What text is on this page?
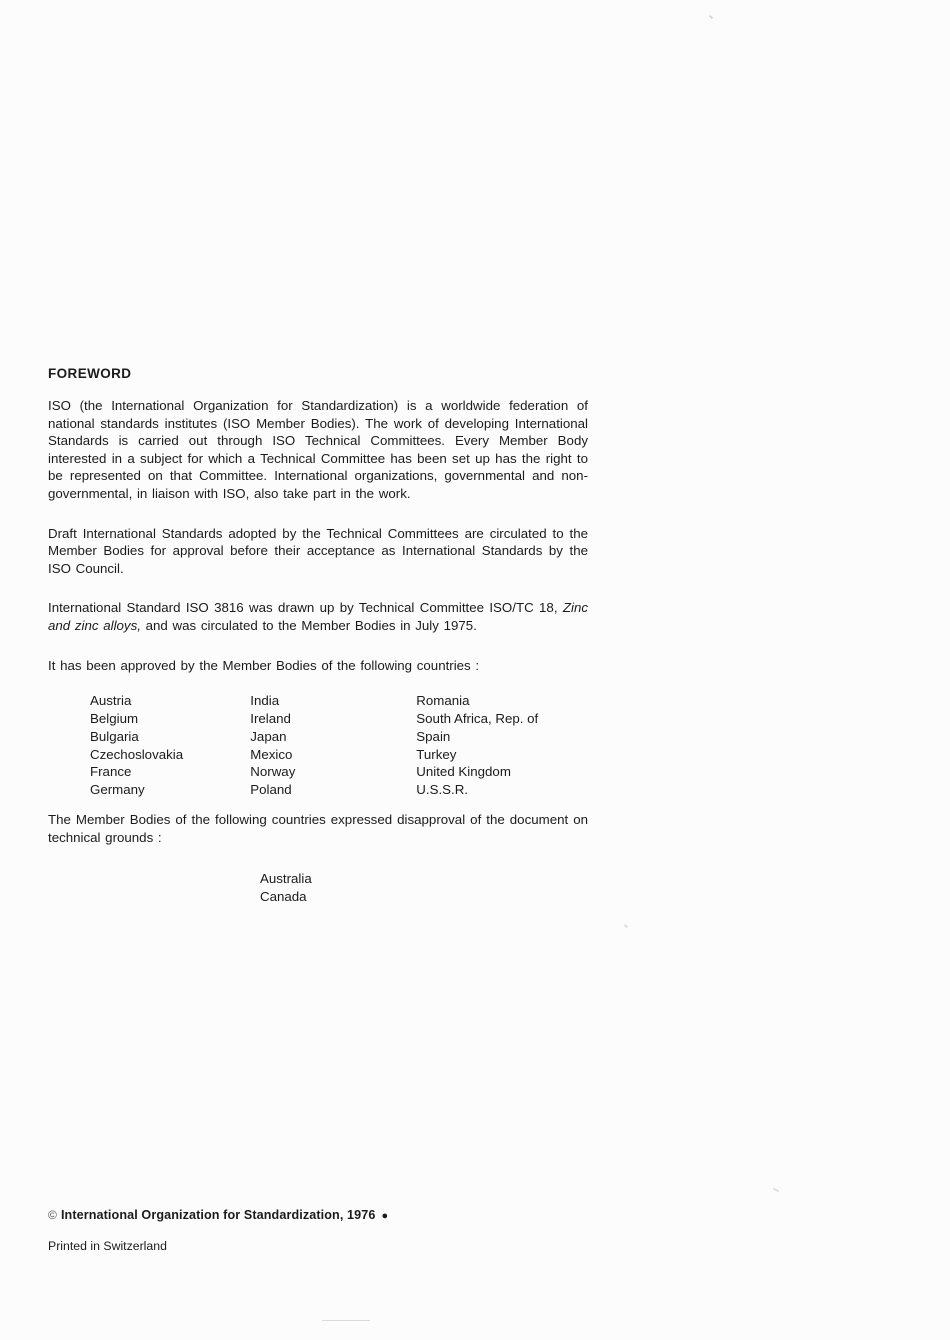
FOREWORD

ISO (the International Organization for Standardization) is a worldwide federation of national standards institutes (ISO Member Bodies). The work of developing International Standards is carried out through ISO Technical Committees. Every Member Body interested in a subject for which a Technical Committee has been set up has the right to be represented on that Committee. International organizations, governmental and non-governmental, in liaison with ISO, also take part in the work.

Draft International Standards adopted by the Technical Committees are circulated to the Member Bodies for approval before their acceptance as International Standards by the ISO Council.

International Standard ISO 3816 was drawn up by Technical Committee ISO/TC 18, Zinc and zinc alloys, and was circulated to the Member Bodies in July 1975.

It has been approved by the Member Bodies of the following countries :

Austria
Belgium
Bulgaria
Czechoslovakia
France
Germany
India
Ireland
Japan
Mexico
Norway
Poland
Romania
South Africa, Rep. of
Spain
Turkey
United Kingdom
U.S.S.R.

The Member Bodies of the following countries expressed disapproval of the document on technical grounds :

Australia
Canada
© International Organization for Standardization, 1976 ●
Printed in Switzerland
